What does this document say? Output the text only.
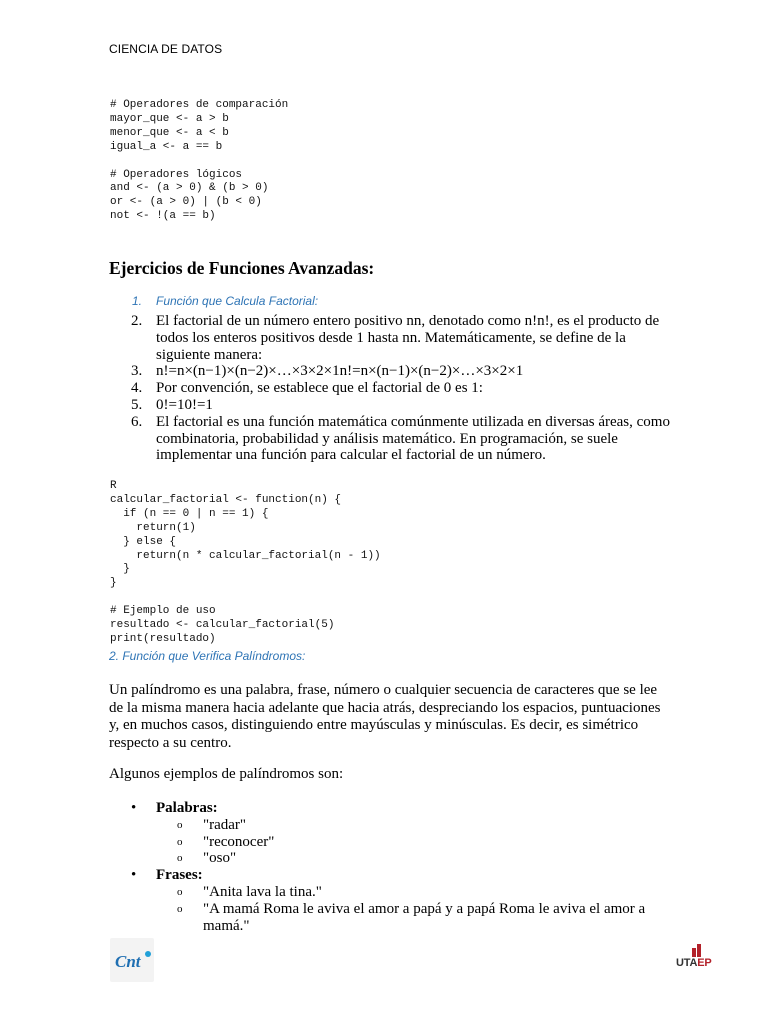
CIENCIA DE DATOS
# Operadores de comparación
mayor_que <- a > b
menor_que <- a < b
igual_a <- a == b

# Operadores lógicos
and <- (a > 0) & (b > 0)
or <- (a > 0) | (b < 0)
not <- !(a == b)
Ejercicios de Funciones Avanzadas:
1. Función que Calcula Factorial:
2. El factorial de un número entero positivo nn, denotado como n!n!, es el producto de todos los enteros positivos desde 1 hasta nn. Matemáticamente, se define de la siguiente manera:
3. n!=n×(n−1)×(n−2)×…×3×2×1n!=n×(n−1)×(n−2)×…×3×2×1
4. Por convención, se establece que el factorial de 0 es 1:
5. 0!=10!=1
6. El factorial es una función matemática comúnmente utilizada en diversas áreas, como combinatoria, probabilidad y análisis matemático. En programación, se suele implementar una función para calcular el factorial de un número.
R
calcular_factorial <- function(n) {
if (n == 0 | n == 1) {
return(1)
} else {
return(n * calcular_factorial(n - 1))
}
}

# Ejemplo de uso
resultado <- calcular_factorial(5)
print(resultado)
2. Función que Verifica Palíndromos:

Un palíndromo es una palabra, frase, número o cualquier secuencia de caracteres que se lee de la misma manera hacia adelante que hacia atrás, despreciando los espacios, puntuaciones y, en muchos casos, distinguiendo entre mayúsculas y minúsculas. Es decir, es simétrico respecto a su centro.

Algunos ejemplos de palíndromos son:

• Palabras:
o "radar"
o "reconocer"
o "oso"
• Frases:
o "Anita lava la tina."
o "A mamá Roma le aviva el amor a papá y a papá Roma le aviva el amor a mamá."
Cnt	UTAEP
